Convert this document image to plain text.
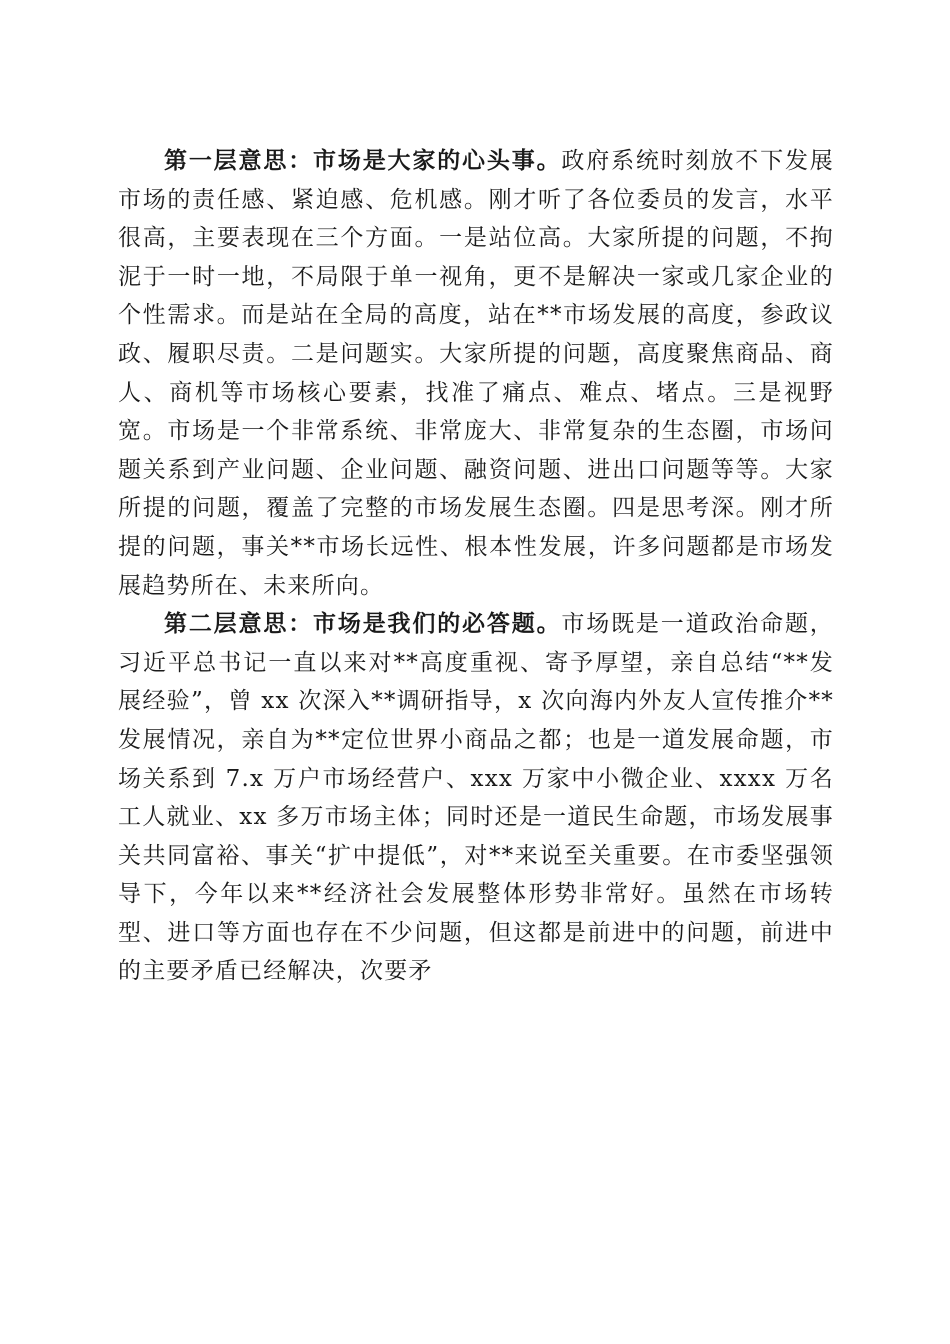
第一层意思：市场是大家的心头事。政府系统时刻放不下发展市场的责任感、紧迫感、危机感。刚才听了各位委员的发言，水平很高，主要表现在三个方面。一是站位高。大家所提的问题，不拘泥于一时一地，不局限于单一视角，更不是解决一家或几家企业的个性需求。而是站在全局的高度，站在**市场发展的高度，参政议政、履职尽责。二是问题实。大家所提的问题，高度聚焦商品、商人、商机等市场核心要素，找准了痛点、难点、堵点。三是视野宽。市场是一个非常系统、非常庞大、非常复杂的生态圈，市场问题关系到产业问题、企业问题、融资问题、进出口问题等等。大家所提的问题，覆盖了完整的市场发展生态圈。四是思考深。刚才所提的问题，事关**市场长远性、根本性发展，许多问题都是市场发展趋势所在、未来所向。

第二层意思：市场是我们的必答题。市场既是一道政治命题，习近平总书记一直以来对**高度重视、寄予厚望，亲自总结“**发展经验”，曾 xx 次深入**调研指导，x 次向海内外友人宣传推介**发展情况，亲自为**定位世界小商品之都；也是一道发展命题，市场关系到 7.x 万户市场经营户、xxx 万家中小微企业、xxxx 万名工人就业、xx 多万市场主体；同时还是一道民生命题，市场发展事关共同富裕、事关“扩中提低”，对**来说至关重要。在市委坚强领导下，今年以来**经济社会发展整体形势非常好。虽然在市场转型、进口等方面也存在不少问题，但这都是前进中的问题，前进中的主要矛盾已经解决，次要矛
